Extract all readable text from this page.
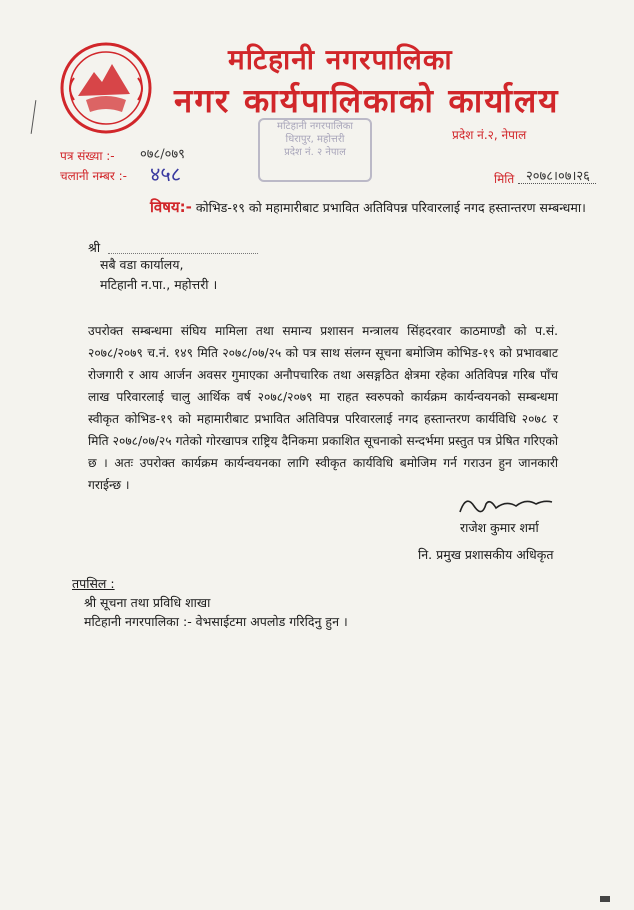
मटिहानी नगरपालिका
नगर कार्यपालिकाको कार्यालय
मटिहानी नगरपालिका
धिरापुर, महोत्तरी
प्रदेश नं. २ नेपाल
प्रदेश नं.२, नेपाल
पत्र संख्या :- ०७८/०७९
चलानी नम्बर :- ४५८	मिति २०७८।०७।२६
विषय:- कोभिड-१९ को महामारीबाट प्रभावित अतिविपन्न परिवारलाई नगद हस्तान्तरण सम्बन्धमा।
श्री
सबै वडा कार्यालय,
मटिहानी न.पा., महोत्तरी ।
उपरोक्त सम्बन्धमा संघिय मामिला तथा समान्य प्रशासन मन्त्रालय सिंहदरवार काठमाण्डौ को प.सं. २०७८/२०७९ च.नं. १४९ मिति २०७८/०७/२५ को पत्र साथ संलग्न सूचना बमोजिम कोभिड-१९ को प्रभावबाट रोजगारी र आय आर्जन अवसर गुमाएका अनौपचारिक तथा असङ्गठित क्षेत्रमा रहेका अतिविपन्न गरिब पाँच लाख परिवारलाई चालु आर्थिक वर्ष २०७८/२०७९ मा राहत स्वरुपको कार्यक्रम कार्यन्वयनको सम्बन्धमा स्वीकृत कोभिड-१९ को महामारीबाट प्रभावित अतिविपन्न परिवारलाई नगद हस्तान्तरण कार्यविधि २०७८ र मिति २०७८/०७/२५ गतेको गोरखापत्र राष्ट्रिय दैनिकमा प्रकाशित सूचनाको सन्दर्भमा प्रस्तुत पत्र प्रेषित गरिएको छ । अतः उपरोक्त कार्यक्रम कार्यन्वयनका लागि स्वीकृत कार्यविधि बमोजिम गर्न गराउन हुन जानकारी गराईन्छ ।
राजेश कुमार शर्मा
नि. प्रमुख प्रशासकीय अधिकृत
तपसिल :
श्री सूचना तथा प्रविधि शाखा
मटिहानी नगरपालिका :- वेभसाईटमा अपलोड गरिदिनु हुन ।
